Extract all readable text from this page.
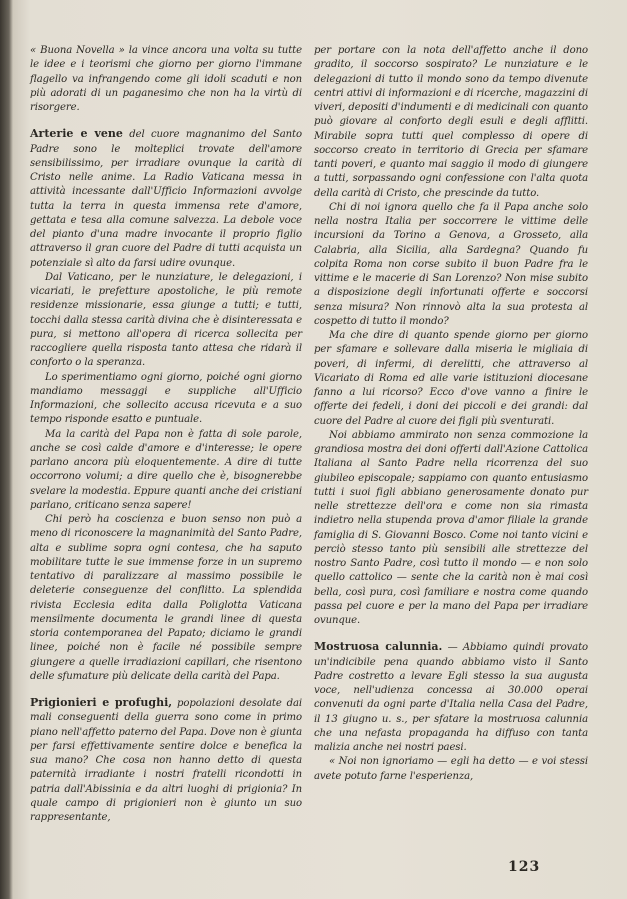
« Buona Novella » la vince ancora una volta su tutte le idee e i teorismi che giorno per giorno l'immane flagello va infrangendo come gli idoli scaduti e non più adorati di un paganesimo che non ha la virtù di risorgere.

Arterie e vene del cuore magnanimo del Santo Padre sono le molteplici trovate dell'amore sensibilissimo, per irradiare ovunque la carità di Cristo nelle anime. La Radio Vaticana messa in attività incessante dall'Ufficio Informazioni avvolge tutta la terra in questa immensa rete d'amore, gettata e tesa alla comune salvezza. La debole voce del pianto d'una madre invocante il proprio figlio attraverso il gran cuore del Padre di tutti acquista un potenziale sì alto da farsi udire ovunque.

Dal Vaticano, per le nunziature, le delegazioni, i vicariati, le prefetture apostoliche, le più remote residenze missionarie, essa giunge a tutti; e tutti, tocchi dalla stessa carità divina che è disinteressata e pura, si mettono all'opera di ricerca sollecita per raccogliere quella risposta tanto attesa che ridarà il conforto o la speranza.

Lo sperimentiamo ogni giorno, poiché ogni giorno mandiamo messaggi e suppliche all'Ufficio Informazioni, che sollecito accusa ricevuta e a suo tempo risponde esatto e puntuale.

Ma la carità del Papa non è fatta di sole parole, anche se così calde d'amore e d'interesse; le opere parlano ancora più eloquentemente. A dire di tutte occorrono volumi; a dire quello che è, bisognerebbe svelare la modestia. Eppure quanti anche dei cristiani parlano, criticano senza sapere!

Chi però ha coscienza e buon senso non può a meno di riconoscere la magnanimità del Santo Padre, alta e sublime sopra ogni contesa, che ha saputo mobilitare tutte le sue immense forze in un supremo tentativo di paralizzare al massimo possibile le deleterie conseguenze del conflitto. La splendida rivista Ecclesia edita dalla Poliglotta Vaticana mensilmente documenta le grandi linee di questa storia contemporanea del Papato; diciamo le grandi linee, poiché non è facile né possibile sempre giungere a quelle irradiazioni capillari, che risentono delle sfumature più delicate della carità del Papa.

Prigionieri e profughi, popolazioni desolate dai mali conseguenti della guerra sono come in primo piano nell'affetto paterno del Papa. Dove non è giunta per farsi effettivamente sentire dolce e benefica la sua mano? Che cosa non hanno detto di questa paternità irradiante i nostri fratelli ricondotti in patria dall'Abissinia e da altri luoghi di prigionia? In quale campo di prigionieri non è giunto un suo rappresentante,

per portare con la nota dell'affetto anche il dono gradito, il soccorso sospirato? Le nunziature e le delegazioni di tutto il mondo sono da tempo divenute centri attivi di informazioni e di ricerche, magazzini di viveri, depositi d'indumenti e di medicinali con quanto può giovare al conforto degli esuli e degli afflitti. Mirabile sopra tutti quel complesso di opere di soccorso creato in territorio di Grecia per sfamare tanti poveri, e quanto mai saggio il modo di giungere a tutti, sorpassando ogni confessione con l'alta quota della carità di Cristo, che prescinde da tutto.

Chi di noi ignora quello che fa il Papa anche solo nella nostra Italia per soccorrere le vittime delle incursioni da Torino a Genova, a Grosseto, alla Calabria, alla Sicilia, alla Sardegna? Quando fu colpita Roma non corse subito il buon Padre fra le vittime e le macerie di San Lorenzo? Non mise subito a disposizione degli infortunati offerte e soccorsi senza misura? Non rinnovò alta la sua protesta al cospetto di tutto il mondo?

Ma che dire di quanto spende giorno per giorno per sfamare e sollevare dalla miseria le migliaia di poveri, di infermi, di derelitti, che attraverso al Vicariato di Roma ed alle varie istituzioni diocesane fanno a lui ricorso? Ecco d'ove vanno a finire le offerte dei fedeli, i doni dei piccoli e dei grandi: dal cuore del Padre al cuore dei figli più sventurati.

Noi abbiamo ammirato non senza commozione la grandiosa mostra dei doni offerti dall'Azione Cattolica Italiana al Santo Padre nella ricorrenza del suo giubileo episcopale; sappiamo con quanto entusiasmo tutti i suoi figli abbiano generosamente donato pur nelle strettezze dell'ora e come non sia rimasta indietro nella stupenda prova d'amor filiale la grande famiglia di S. Giovanni Bosco. Come noi tanto vicini e perciò stesso tanto più sensibili alle strettezze del nostro Santo Padre, così tutto il mondo — e non solo quello cattolico — sente che la carità non è mai così bella, così pura, così familiare e nostra come quando passa pel cuore e per la mano del Papa per irradiare ovunque.

Mostruosa calunnia. — Abbiamo quindi provato un'indicibile pena quando abbiamo visto il Santo Padre costretto a levare Egli stesso la sua augusta voce, nell'udienza concessa ai 30.000 operai convenuti da ogni parte d'Italia nella Casa del Padre, il 13 giugno u. s., per sfatare la mostruosa calunnia che una nefasta propaganda ha diffuso con tanta malizia anche nei nostri paesi.

« Noi non ignoriamo — egli ha detto — e voi stessi avete potuto farne l'esperienza,

123
